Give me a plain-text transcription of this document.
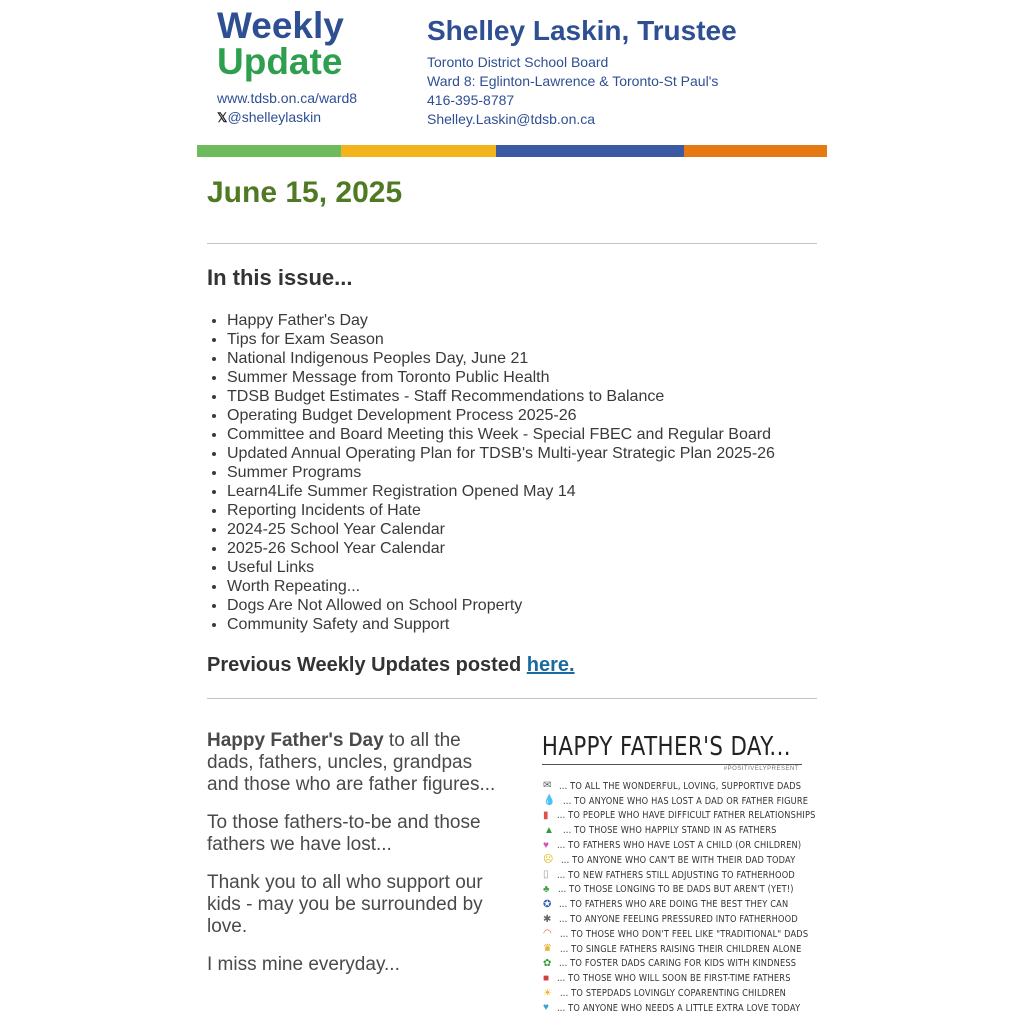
Weekly
Update
www.tdsb.on.ca/ward8
𝕏@shelleylaskin
Shelley Laskin, Trustee
Toronto District School Board
Ward 8: Eglinton-Lawrence & Toronto-St Paul's
416-395-8787
Shelley.Laskin@tdsb.on.ca
June 15, 2025
In this issue...
• Happy Father's Day
• Tips for Exam Season
• National Indigenous Peoples Day, June 21
• Summer Message from Toronto Public Health
• TDSB Budget Estimates - Staff Recommendations to Balance
• Operating Budget Development Process 2025-26
• Committee and Board Meeting this Week - Special FBEC and Regular Board
• Updated Annual Operating Plan for TDSB's Multi-year Strategic Plan 2025-26
• Summer Programs
• Learn4Life Summer Registration Opened May 14
• Reporting Incidents of Hate
• 2024-25 School Year Calendar
• 2025-26 School Year Calendar
• Useful Links
• Worth Repeating...
• Dogs Are Not Allowed on School Property
• Community Safety and Support
Previous Weekly Updates posted here.

Happy Father's Day to all the dads, fathers, uncles, grandpas and those who are father figures...

To those fathers-to-be and those fathers we have lost...

Thank you to all who support our kids - may you be surrounded by love.

I miss mine everyday...

HAPPY FATHER'S DAY...
#POSITIVELYPRESENT
✉ ... TO ALL THE WONDERFUL, LOVING, SUPPORTIVE DADS
💧 ... TO ANYONE WHO HAS LOST A DAD OR FATHER FIGURE
▮ ... TO PEOPLE WHO HAVE DIFFICULT FATHER RELATIONSHIPS
▲ ... TO THOSE WHO HAPPILY STAND IN AS FATHERS
♥ ... TO FATHERS WHO HAVE LOST A CHILD (OR CHILDREN)
☹ ... TO ANYONE WHO CAN'T BE WITH THEIR DAD TODAY
▯ ... TO NEW FATHERS STILL ADJUSTING TO FATHERHOOD
♣ ... TO THOSE LONGING TO BE DADS BUT AREN'T (YET!)
✪ ... TO FATHERS WHO ARE DOING THE BEST THEY CAN
✱ ... TO ANYONE FEELING PRESSURED INTO FATHERHOOD
◠ ... TO THOSE WHO DON'T FEEL LIKE "TRADITIONAL" DADS
♛ ... TO SINGLE FATHERS RAISING THEIR CHILDREN ALONE
✿ ... TO FOSTER DADS CARING FOR KIDS WITH KINDNESS
■ ... TO THOSE WHO WILL SOON BE FIRST-TIME FATHERS
☀ ... TO STEPDADS LOVINGLY COPARENTING CHILDREN
♥ ... TO ANYONE WHO NEEDS A LITTLE EXTRA LOVE TODAY
